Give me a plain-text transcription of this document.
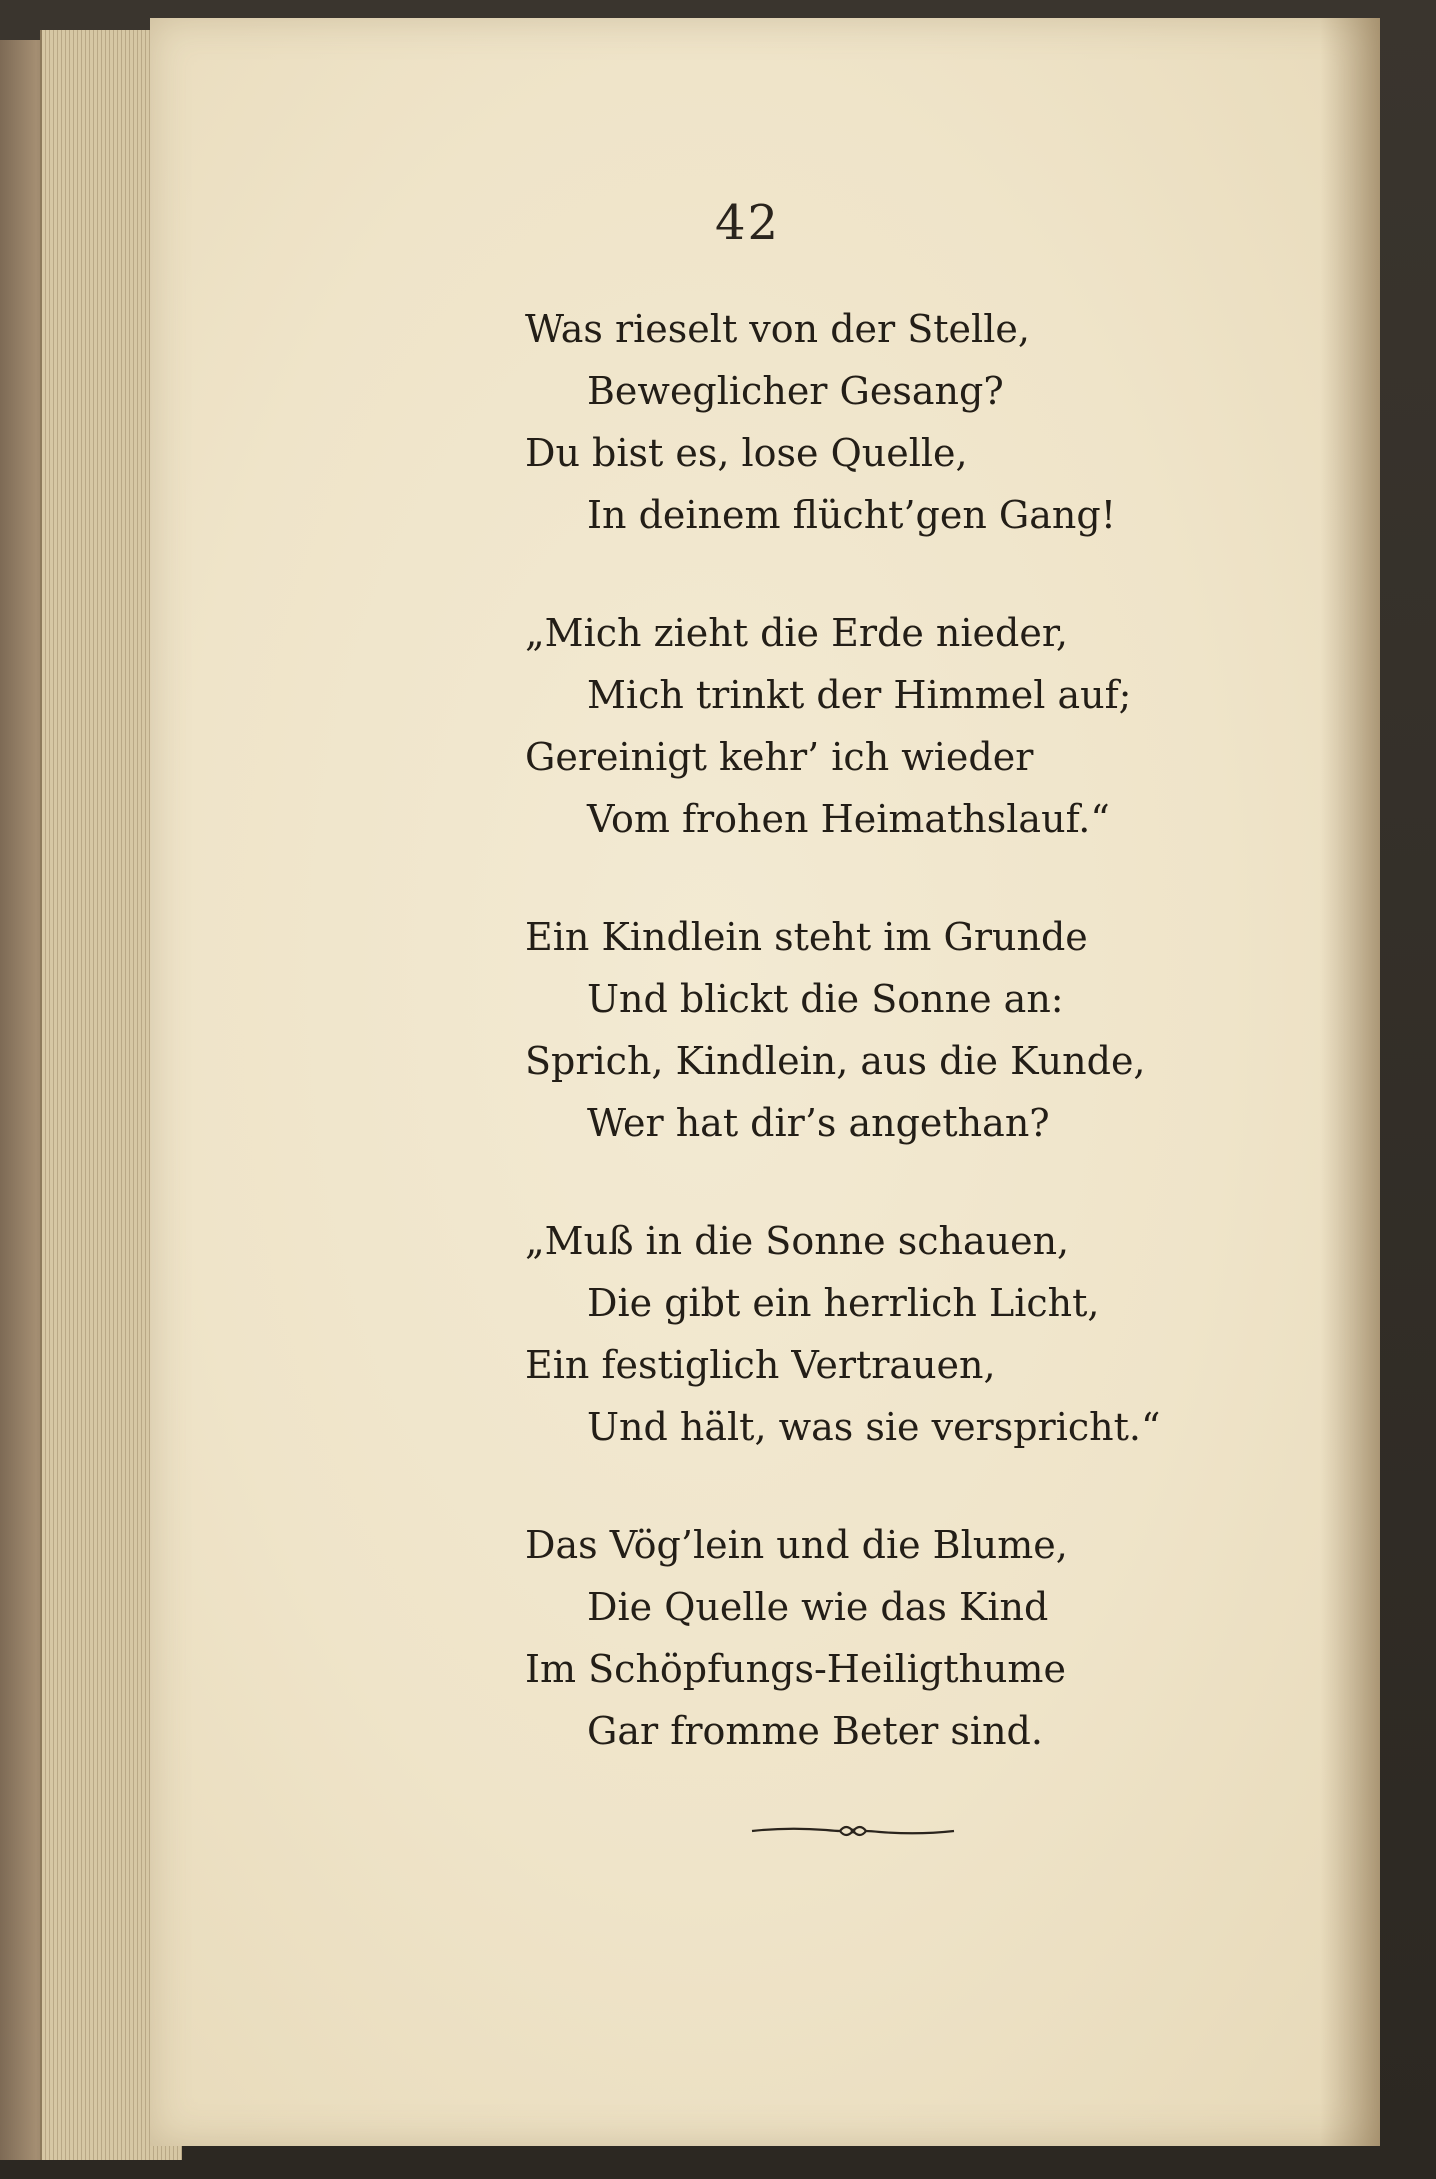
42
Was rieselt von der Stelle,
Beweglicher Gesang?
Du bist es, lose Quelle,
In deinem flücht’gen Gang!
„Mich zieht die Erde nieder,
Mich trinkt der Himmel auf;
Gereinigt kehr’ ich wieder
Vom frohen Heimathslauf.“
Ein Kindlein steht im Grunde
Und blickt die Sonne an:
Sprich, Kindlein, aus die Kunde,
Wer hat dir’s angethan?
„Muß in die Sonne schauen,
Die gibt ein herrlich Licht,
Ein festiglich Vertrauen,
Und hält, was sie verspricht.“
Das Vög’lein und die Blume,
Die Quelle wie das Kind
Im Schöpfungs-Heiligthume
Gar fromme Beter sind.
